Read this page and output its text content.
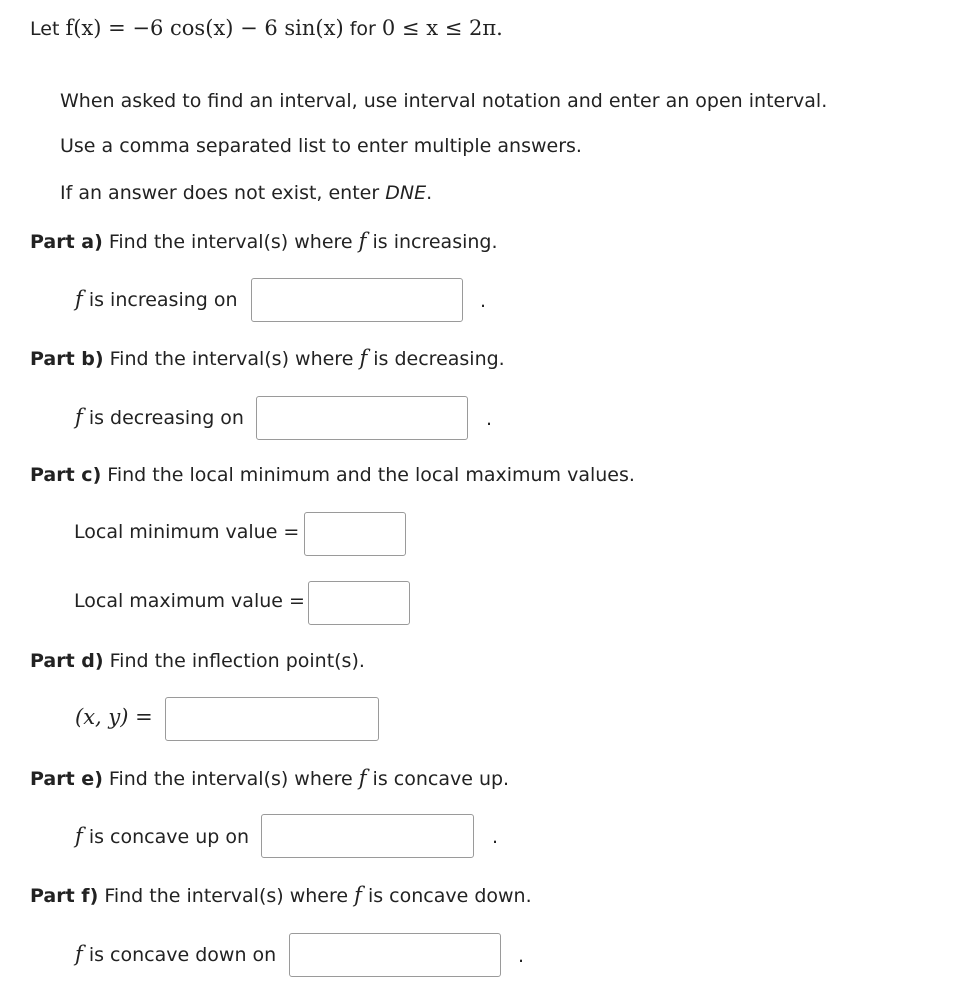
Let f(x) = −6 cos(x) − 6 sin(x) for 0 ≤ x ≤ 2π.
When asked to find an interval, use interval notation and enter an open interval.
Use a comma separated list to enter multiple answers.
If an answer does not exist, enter DNE.
Part a) Find the interval(s) where f is increasing.
f is increasing on	.
Part b) Find the interval(s) where f is decreasing.
f is decreasing on	.
Part c) Find the local minimum and the local maximum values.
Local minimum value =
Local maximum value =
Part d) Find the inflection point(s).
(x, y) =
Part e) Find the interval(s) where f is concave up.
f is concave up on	.
Part f) Find the interval(s) where f is concave down.
f is concave down on	.
